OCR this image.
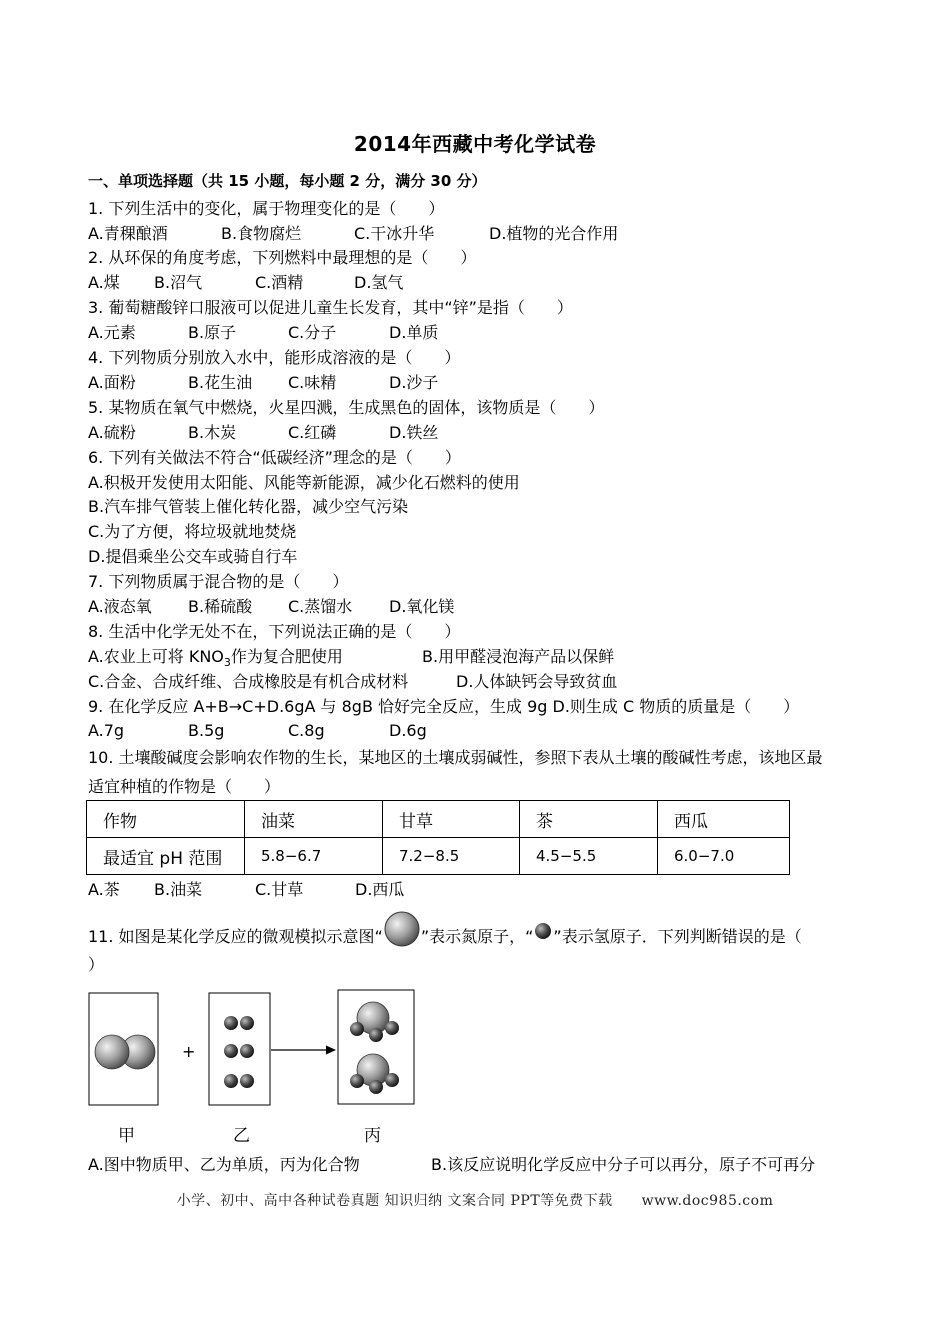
2014年西藏中考化学试卷
一、单项选择题（共 15 小题，每小题 2 分，满分 30 分）
1. 下列生活中的变化，属于物理变化的是（　　）
A.青稞酿酒	B.食物腐烂	C.干冰升华	D.植物的光合作用
2. 从环保的角度考虑，下列燃料中最理想的是（　　）
A.煤 B.沼气	C.酒精	D.氢气
3. 葡萄糖酸锌口服液可以促进儿童生长发育，其中“锌”是指（　　）
A.元素	B.原子	C.分子	D.单质
4. 下列物质分别放入水中，能形成溶液的是（　　）
A.面粉	B.花生油 C.味精	D.沙子
5. 某物质在氧气中燃烧，火星四溅，生成黑色的固体，该物质是（　　）
A.硫粉	B.木炭	C.红磷	D.铁丝
6. 下列有关做法不符合“低碳经济”理念的是（　　）
A.积极开发使用太阳能、风能等新能源，减少化石燃料的使用
B.汽车排气管装上催化转化器，减少空气污染
C.为了方便，将垃圾就地焚烧
D.提倡乘坐公交车或骑自行车
7. 下列物质属于混合物的是（　　）
A.液态氧 B.稀硫酸 C.蒸馏水 D.氧化镁
8. 生活中化学无处不在，下列说法正确的是（　　）
A.农业上可将 $KNO_3$作为复合肥使用	B.用甲醛浸泡海产品以保鲜
C.合金、合成纤维、合成橡胶是有机合成材料	D.人体缺钙会导致贫血
9. 在化学反应 A+B→C+D.6gA 与 8gB 恰好完全反应，生成 9g D.则生成 C 物质的质量是（　　）
A.7g	B.5g	C.8g	D.6g
10. 土壤酸碱度会影响农作物的生长，某地区的土壤成弱碱性，参照下表从土壤的酸碱性考虑，该地区最
适宜种植的作物是（　　）
作物	油菜	甘草	茶	西瓜
最适宜 pH 范围	5.8−6.7	7.2−8.5	4.5−5.5	6.0−7.0
A.茶 B.油菜	C.甘草	D.西瓜
11. 如图是某化学反应的微观模拟示意图“ ”表示氮原子，“ ”表示氢原子．下列判断错误的是（
）
+
甲	乙	丙
A.图中物质甲、乙为单质，丙为化合物	B.该反应说明化学反应中分子可以再分，原子不可再分
小学、初中、高中各种试卷真题 知识归纳 文案合同 PPT等免费下载　　www.doc985.com
